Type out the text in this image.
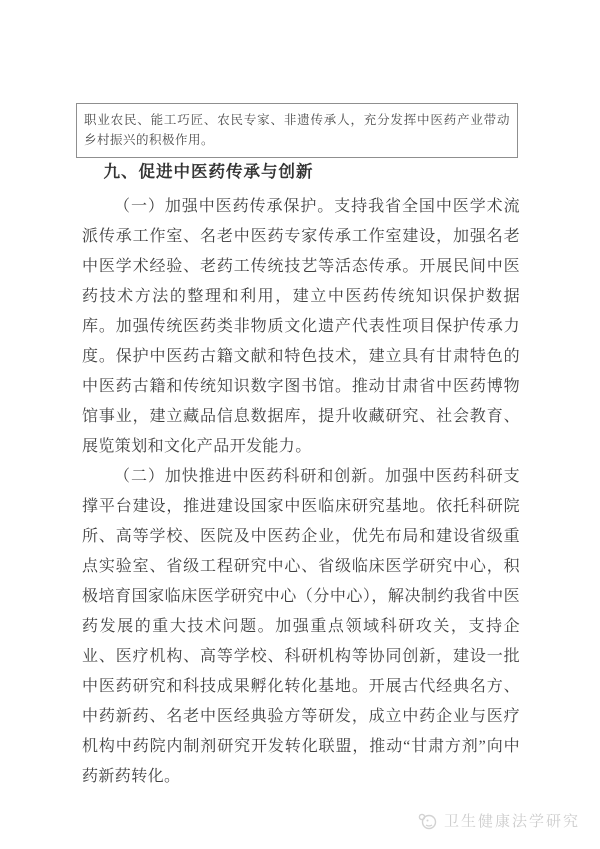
职业农民、能工巧匠、农民专家、非遗传承人，充分发挥中医药产业带动乡村振兴的积极作用。
九、促进中医药传承与创新

（一）加强中医药传承保护。支持我省全国中医学术流派传承工作室、名老中医药专家传承工作室建设，加强名老中医学术经验、老药工传统技艺等活态传承。开展民间中医药技术方法的整理和利用，建立中医药传统知识保护数据库。加强传统医药类非物质文化遗产代表性项目保护传承力度。保护中医药古籍文献和特色技术，建立具有甘肃特色的中医药古籍和传统知识数字图书馆。推动甘肃省中医药博物馆事业，建立藏品信息数据库，提升收藏研究、社会教育、展览策划和文化产品开发能力。

（二）加快推进中医药科研和创新。加强中医药科研支撑平台建设，推进建设国家中医临床研究基地。依托科研院所、高等学校、医院及中医药企业，优先布局和建设省级重点实验室、省级工程研究中心、省级临床医学研究中心，积极培育国家临床医学研究中心（分中心），解决制约我省中医药发展的重大技术问题。加强重点领域科研攻关，支持企业、医疗机构、高等学校、科研机构等协同创新，建设一批中医药研究和科技成果孵化转化基地。开展古代经典名方、中药新药、名老中医经典验方等研发，成立中药企业与医疗机构中药院内制剂研究开发转化联盟，推动“甘肃方剂”向中药新药转化。

卫生健康法学研究
